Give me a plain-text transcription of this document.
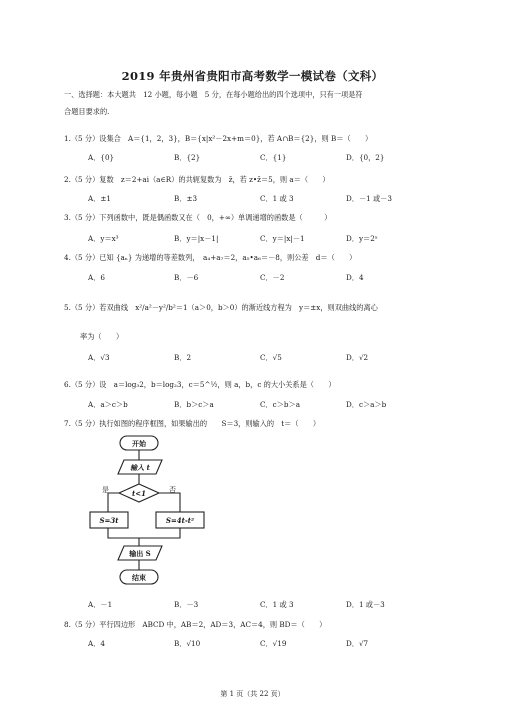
2019 年贵州省贵阳市高考数学一模试卷（文科）
一、选择题：本大题共　12 小题，每小题　5 分，在每小题给出的四个选项中，只有一项是符
合题目要求的.
1.（5 分）设集合　A＝{1，2，3}，B＝{x|x²－2x+m＝0}，若 A∩B＝{2}，则 B＝（　　）
A．{0}	B．{2}	C．{1}	D．{0，2}
2.（5 分）复数　z＝2+ai（a∈R）的共轭复数为　z̄，若 z•z̄＝5，则 a＝（　　）
A．±1	B．±3	C．1 或 3	D．－1 或－3
3.（5 分）下列函数中，既是偶函数又在（　0，+∞）单调递增的函数是（　　　）
A．y＝x³	B．y＝|x－1|	C．y＝|x|－1	D．y＝2ˣ
4.（5 分）已知 {aₙ} 为递增的等差数列，　a₄+a₇＝2，a₅•a₆＝－8，则公差　d＝（　　）
A．6	B．－6	C．－2	D．4
5.（5 分）若双曲线　x²/a²－y²/b²＝1（a＞0，b＞0）的渐近线方程为　y＝±x，则双曲线的离心
率为（　　）
A．√3	B．2	C．√5	D．√2
6.（5 分）设　a＝log₃2，b＝log₂3，c＝5^½，则 a，b，c 的大小关系是（　　）
A．a＞c＞b	B．b＞c＞a	C．c＞b＞a	D．c＞a＞b
7.（5 分）执行如图的程序框图，如果输出的　　S＝3，则输入的　t＝（　　）
开始
输入 t
是	t<1	否
S=3t	S=4t-t²
输出 S
结束
A．－1	B．－3	C．1 或 3	D．1 或－3
8.（5 分）平行四边形　ABCD 中，AB＝2，AD＝3，AC＝4，则 BD＝（　　）
A．4	B．√10	C．√19	D．√7
第 1 页（共 22 页）
